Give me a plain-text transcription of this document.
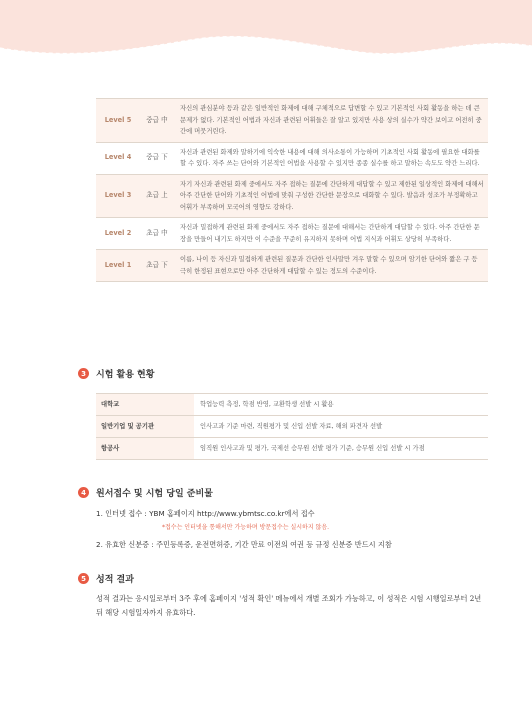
Level 5	중급 中	자신의 관심분야 등과 같은 일반적인 화제에 대해 구체적으로 답변할 수 있고 기본적인 사회 활동을 하는 데 큰 문제가 없다. 기본적인 어법과 자신과 관련된 어휘들은 잘 알고 있지만 사용 상의 실수가 약간 보이고 어전히 중간에 머뭇거린다.
Level 4	중급 下	자신과 관련된 화제와 말하기에 익숙한 내용에 대해 의사소통이 가능하며 기초적인 사회 활동에 필요한 대화를 할 수 있다. 자주 쓰는 단어와 기본적인 어법을 사용할 수 있지만 종종 실수를 하고 말하는 속도도 약간 느리다.
Level 3	초급 上	자기 자신과 관련된 화제 중에서도 자주 접하는 질문에 간단하게 대답할 수 있고 제한된 일상적인 화제에 대해서 아주 간단한 단어와 기초적인 어법에 맞춰 구성한 간단한 문장으로 대화할 수 있다. 발음과 성조가 부정확하고 어휘가 부족하며 모국어의 영향도 강하다.
Level 2	초급 中	자신과 밀접하게 관련된 화제 중에서도 자주 접하는 질문에 대해서는 간단하게 대답할 수 있다. 아주 간단한 문장을 만들어 내기도 하지만 이 수준을 꾸준히 유지하지 못하며 어법 지식과 어휘도 상당히 부족하다.
Level 1	초급 下	이름, 나이 등 자신과 밀접하게 관련된 질문과 간단한 인사말만 겨우 말할 수 있으며 암기한 단어와 짧은 구 등 극히 한정된 표현으로만 아주 간단하게 대답할 수 있는 정도의 수준이다.
3	시험 활용 현황
대학교	학업능력 측정, 학점 반영, 교환학생 선발 시 활용
일반기업 및 공기관	인사고과 기준 마련, 직원평가 및 신입 선발 자료, 해외 파견자 선발
항공사	임직원 인사고과 및 평가, 국제선 승무원 선발 평가 기준, 승무원 신입 선발 시 가점
4	원서접수 및 시험 당일 준비물
1. 인터넷 접수 : YBM 홈페이지 http://www.ybmtsc.co.kr에서 접수
*접수는 인터넷을 통해서만 가능하며 방문접수는 실시하지 않음.
2. 유효한 신분증 : 주민등록증, 운전면허증, 기간 만료 이전의 여권 등 규정 신분증 반드시 지참
5	성적 결과
성적 결과는 응시일로부터 3주 후에 홈페이지 '성적 확인' 메뉴에서 개별 조회가 가능하고, 이 성적은 시험 시행일로부터 2년 뒤 해당 시험일자까지 유효하다.
